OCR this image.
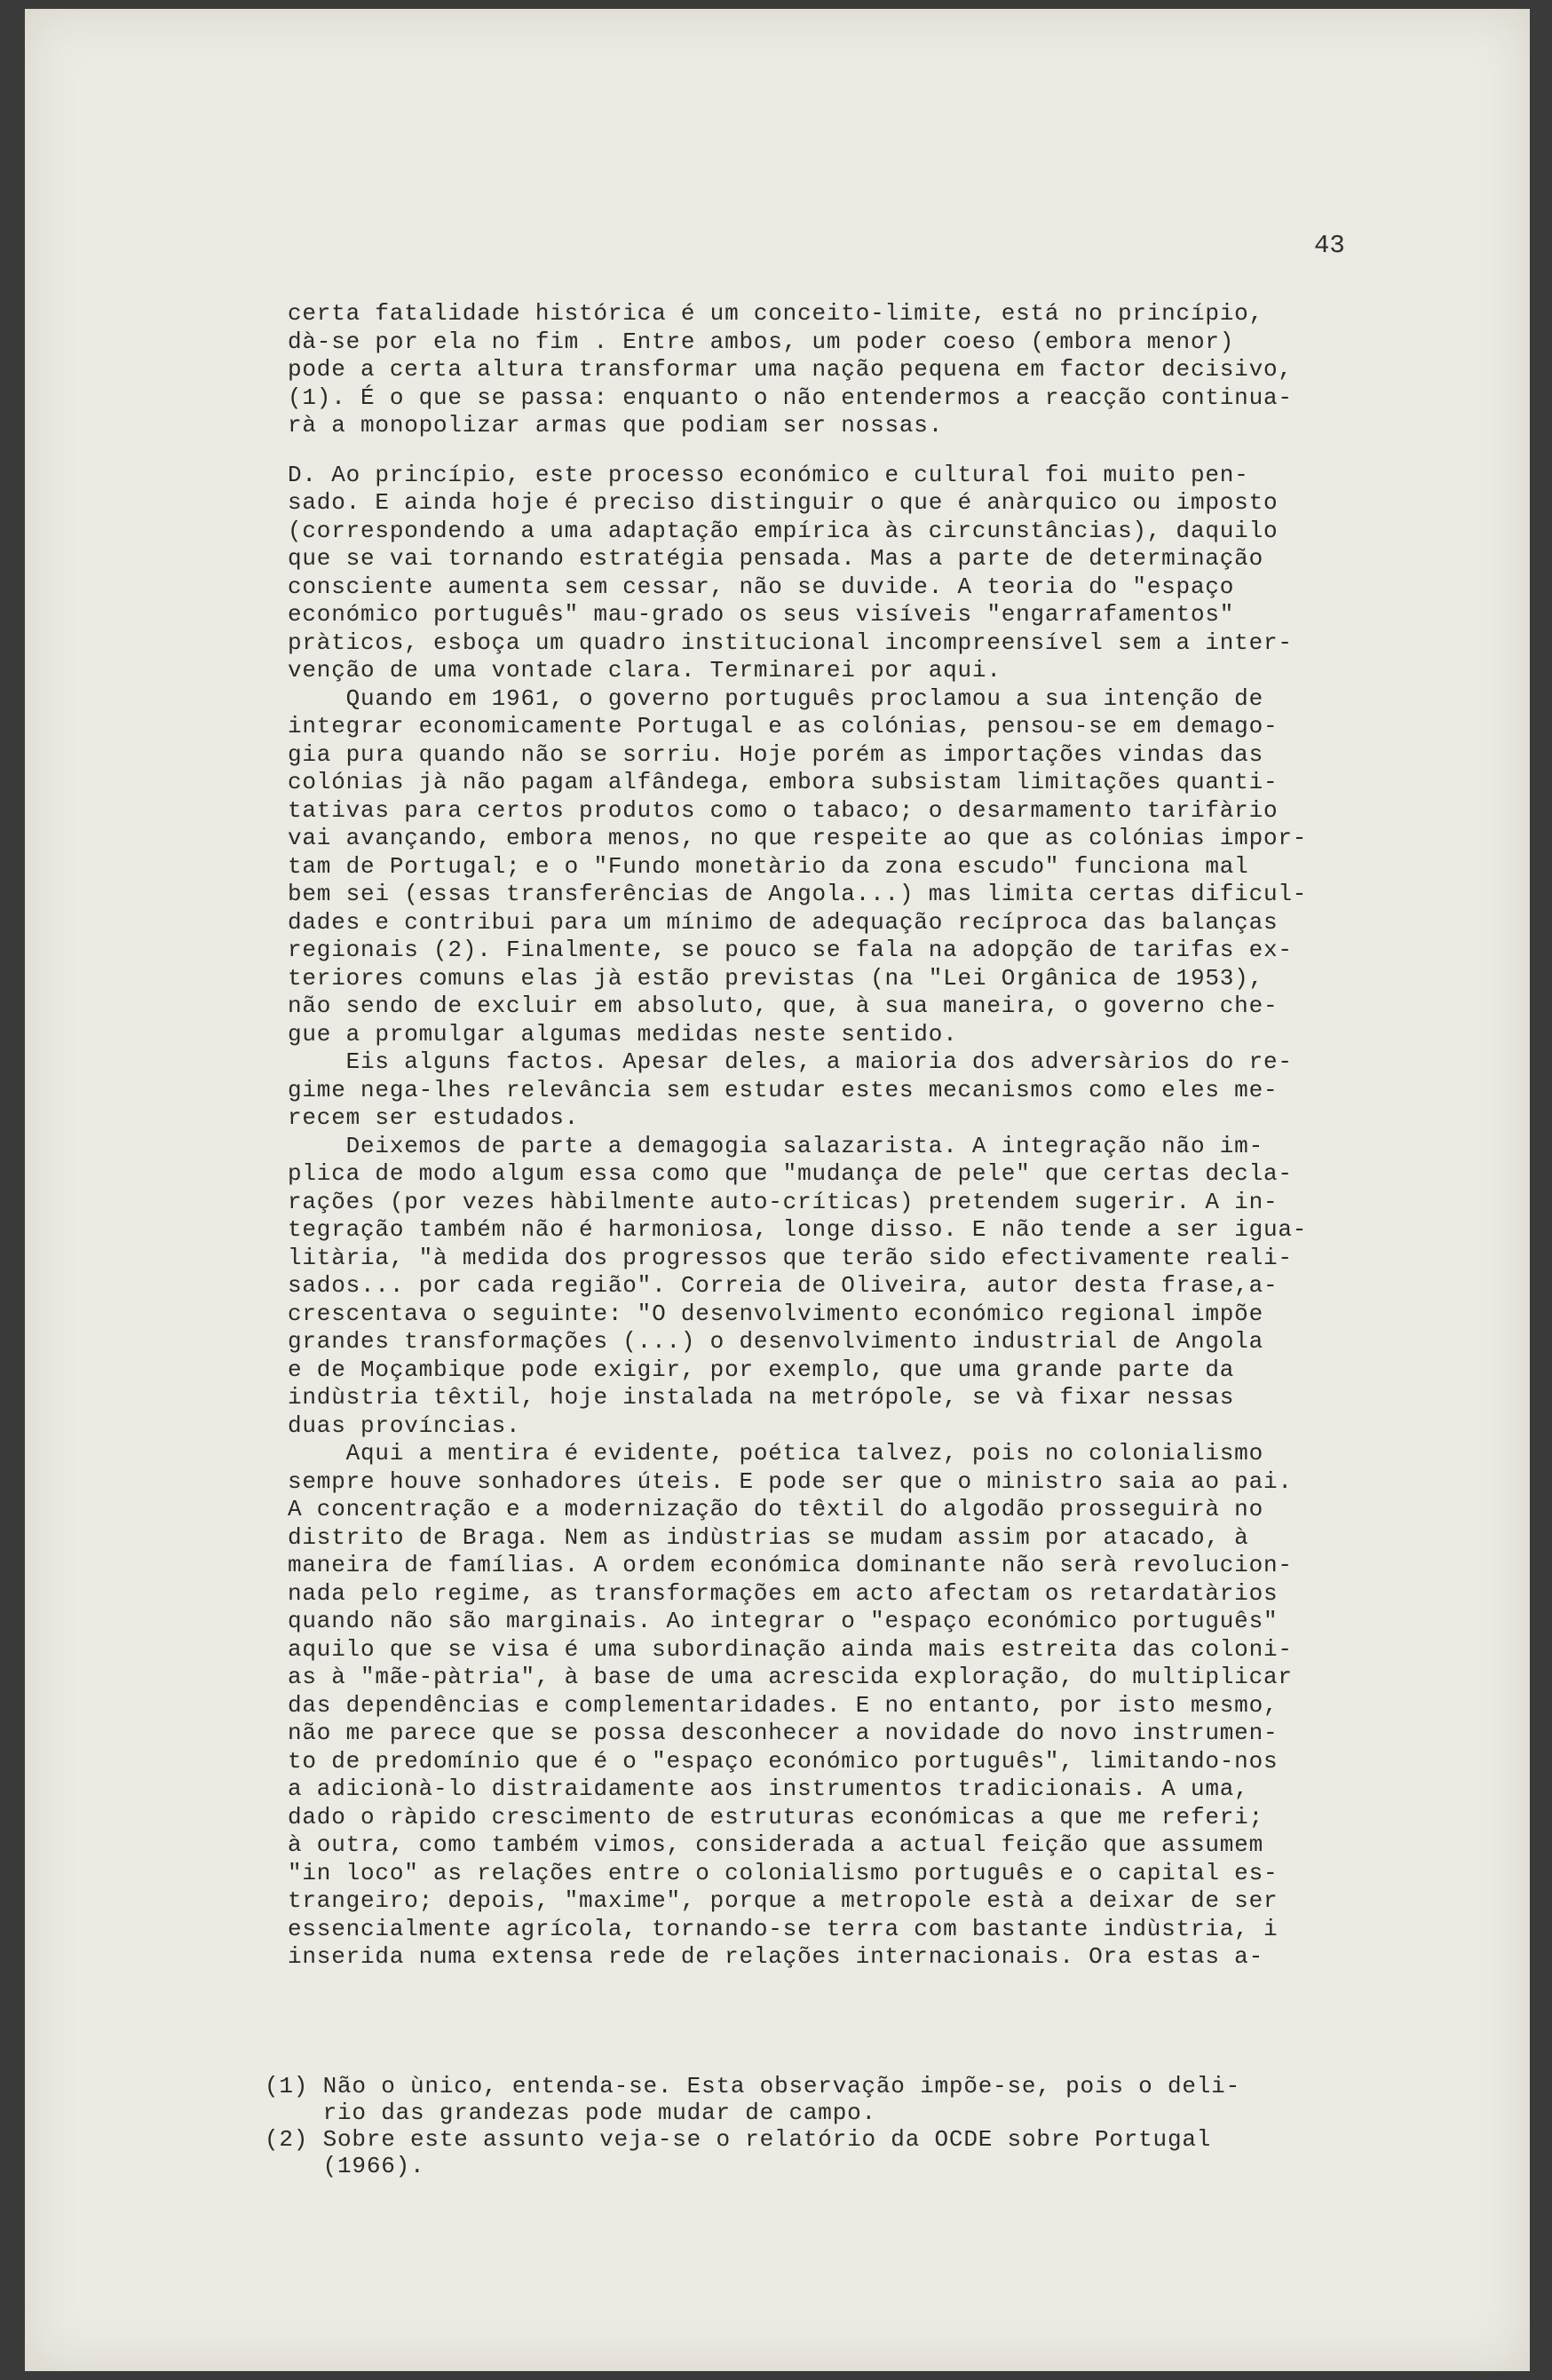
43
certa fatalidade histórica é um conceito-limite, está no princípio,
dà-se por ela no fim . Entre ambos, um poder coeso (embora menor)
pode a certa altura transformar uma nação pequena em factor decisivo,
(1). É o que se passa: enquanto o não entendermos a reacção continua-
rà a monopolizar armas que podiam ser nossas.
D. Ao princípio, este processo económico e cultural foi muito pen-
sado. E ainda hoje é preciso distinguir o que é anàrquico ou imposto
(correspondendo a uma adaptação empírica às circunstâncias), daquilo
que se vai tornando estratégia pensada. Mas a parte de determinação
consciente aumenta sem cessar, não se duvide. A teoria do "espaço
económico português" mau-grado os seus visíveis "engarrafamentos"
pràticos, esboça um quadro institucional incompreensível sem a inter-
venção de uma vontade clara. Terminarei por aqui.
Quando em 1961, o governo português proclamou a sua intenção de
integrar economicamente Portugal e as colónias, pensou-se em demago-
gia pura quando não se sorriu. Hoje porém as importações vindas das
colónias jà não pagam alfândega, embora subsistam limitações quanti-
tativas para certos produtos como o tabaco; o desarmamento tarifàrio
vai avançando, embora menos, no que respeite ao que as colónias impor-
tam de Portugal; e o "Fundo monetàrio da zona escudo" funciona mal
bem sei (essas transferências de Angola...) mas limita certas dificul-
dades e contribui para um mínimo de adequação recíproca das balanças
regionais (2). Finalmente, se pouco se fala na adopção de tarifas ex-
teriores comuns elas jà estão previstas (na "Lei Orgânica de 1953),
não sendo de excluir em absoluto, que, à sua maneira, o governo che-
gue a promulgar algumas medidas neste sentido.
Eis alguns factos. Apesar deles, a maioria dos adversàrios do re-
gime nega-lhes relevância sem estudar estes mecanismos como eles me-
recem ser estudados.
Deixemos de parte a demagogia salazarista. A integração não im-
plica de modo algum essa como que "mudança de pele" que certas decla-
rações (por vezes hàbilmente auto-críticas) pretendem sugerir. A in-
tegração também não é harmoniosa, longe disso. E não tende a ser igua-
litària, "à medida dos progressos que terão sido efectivamente reali-
sados... por cada região". Correia de Oliveira, autor desta frase,a-
crescentava o seguinte: "O desenvolvimento económico regional impõe
grandes transformações (...) o desenvolvimento industrial de Angola
e de Moçambique pode exigir, por exemplo, que uma grande parte da
indùstria têxtil, hoje instalada na metrópole, se và fixar nessas
duas províncias.
Aqui a mentira é evidente, poética talvez, pois no colonialismo
sempre houve sonhadores úteis. E pode ser que o ministro saia ao pai.
A concentração e a modernização do têxtil do algodão prosseguirà no
distrito de Braga. Nem as indùstrias se mudam assim por atacado, à
maneira de famílias. A ordem económica dominante não serà revolucion-
nada pelo regime, as transformações em acto afectam os retardatàrios
quando não são marginais. Ao integrar o "espaço económico português"
aquilo que se visa é uma subordinação ainda mais estreita das coloni-
as à "mãe-pàtria", à base de uma acrescida exploração, do multiplicar
das dependências e complementaridades. E no entanto, por isto mesmo,
não me parece que se possa desconhecer a novidade do novo instrumen-
to de predomínio que é o "espaço económico português", limitando-nos
a adicionà-lo distraidamente aos instrumentos tradicionais. A uma,
dado o ràpido crescimento de estruturas económicas a que me referi;
à outra, como também vimos, considerada a actual feição que assumem
"in loco" as relações entre o colonialismo português e o capital es-
trangeiro; depois, "maxime", porque a metropole està a deixar de ser
essencialmente agrícola, tornando-se terra com bastante indùstria, i
inserida numa extensa rede de relações internacionais. Ora estas a-
(1) Não o ùnico, entenda-se. Esta observação impõe-se, pois o deli-
rio das grandezas pode mudar de campo.
(2) Sobre este assunto veja-se o relatório da OCDE sobre Portugal
(1966).
